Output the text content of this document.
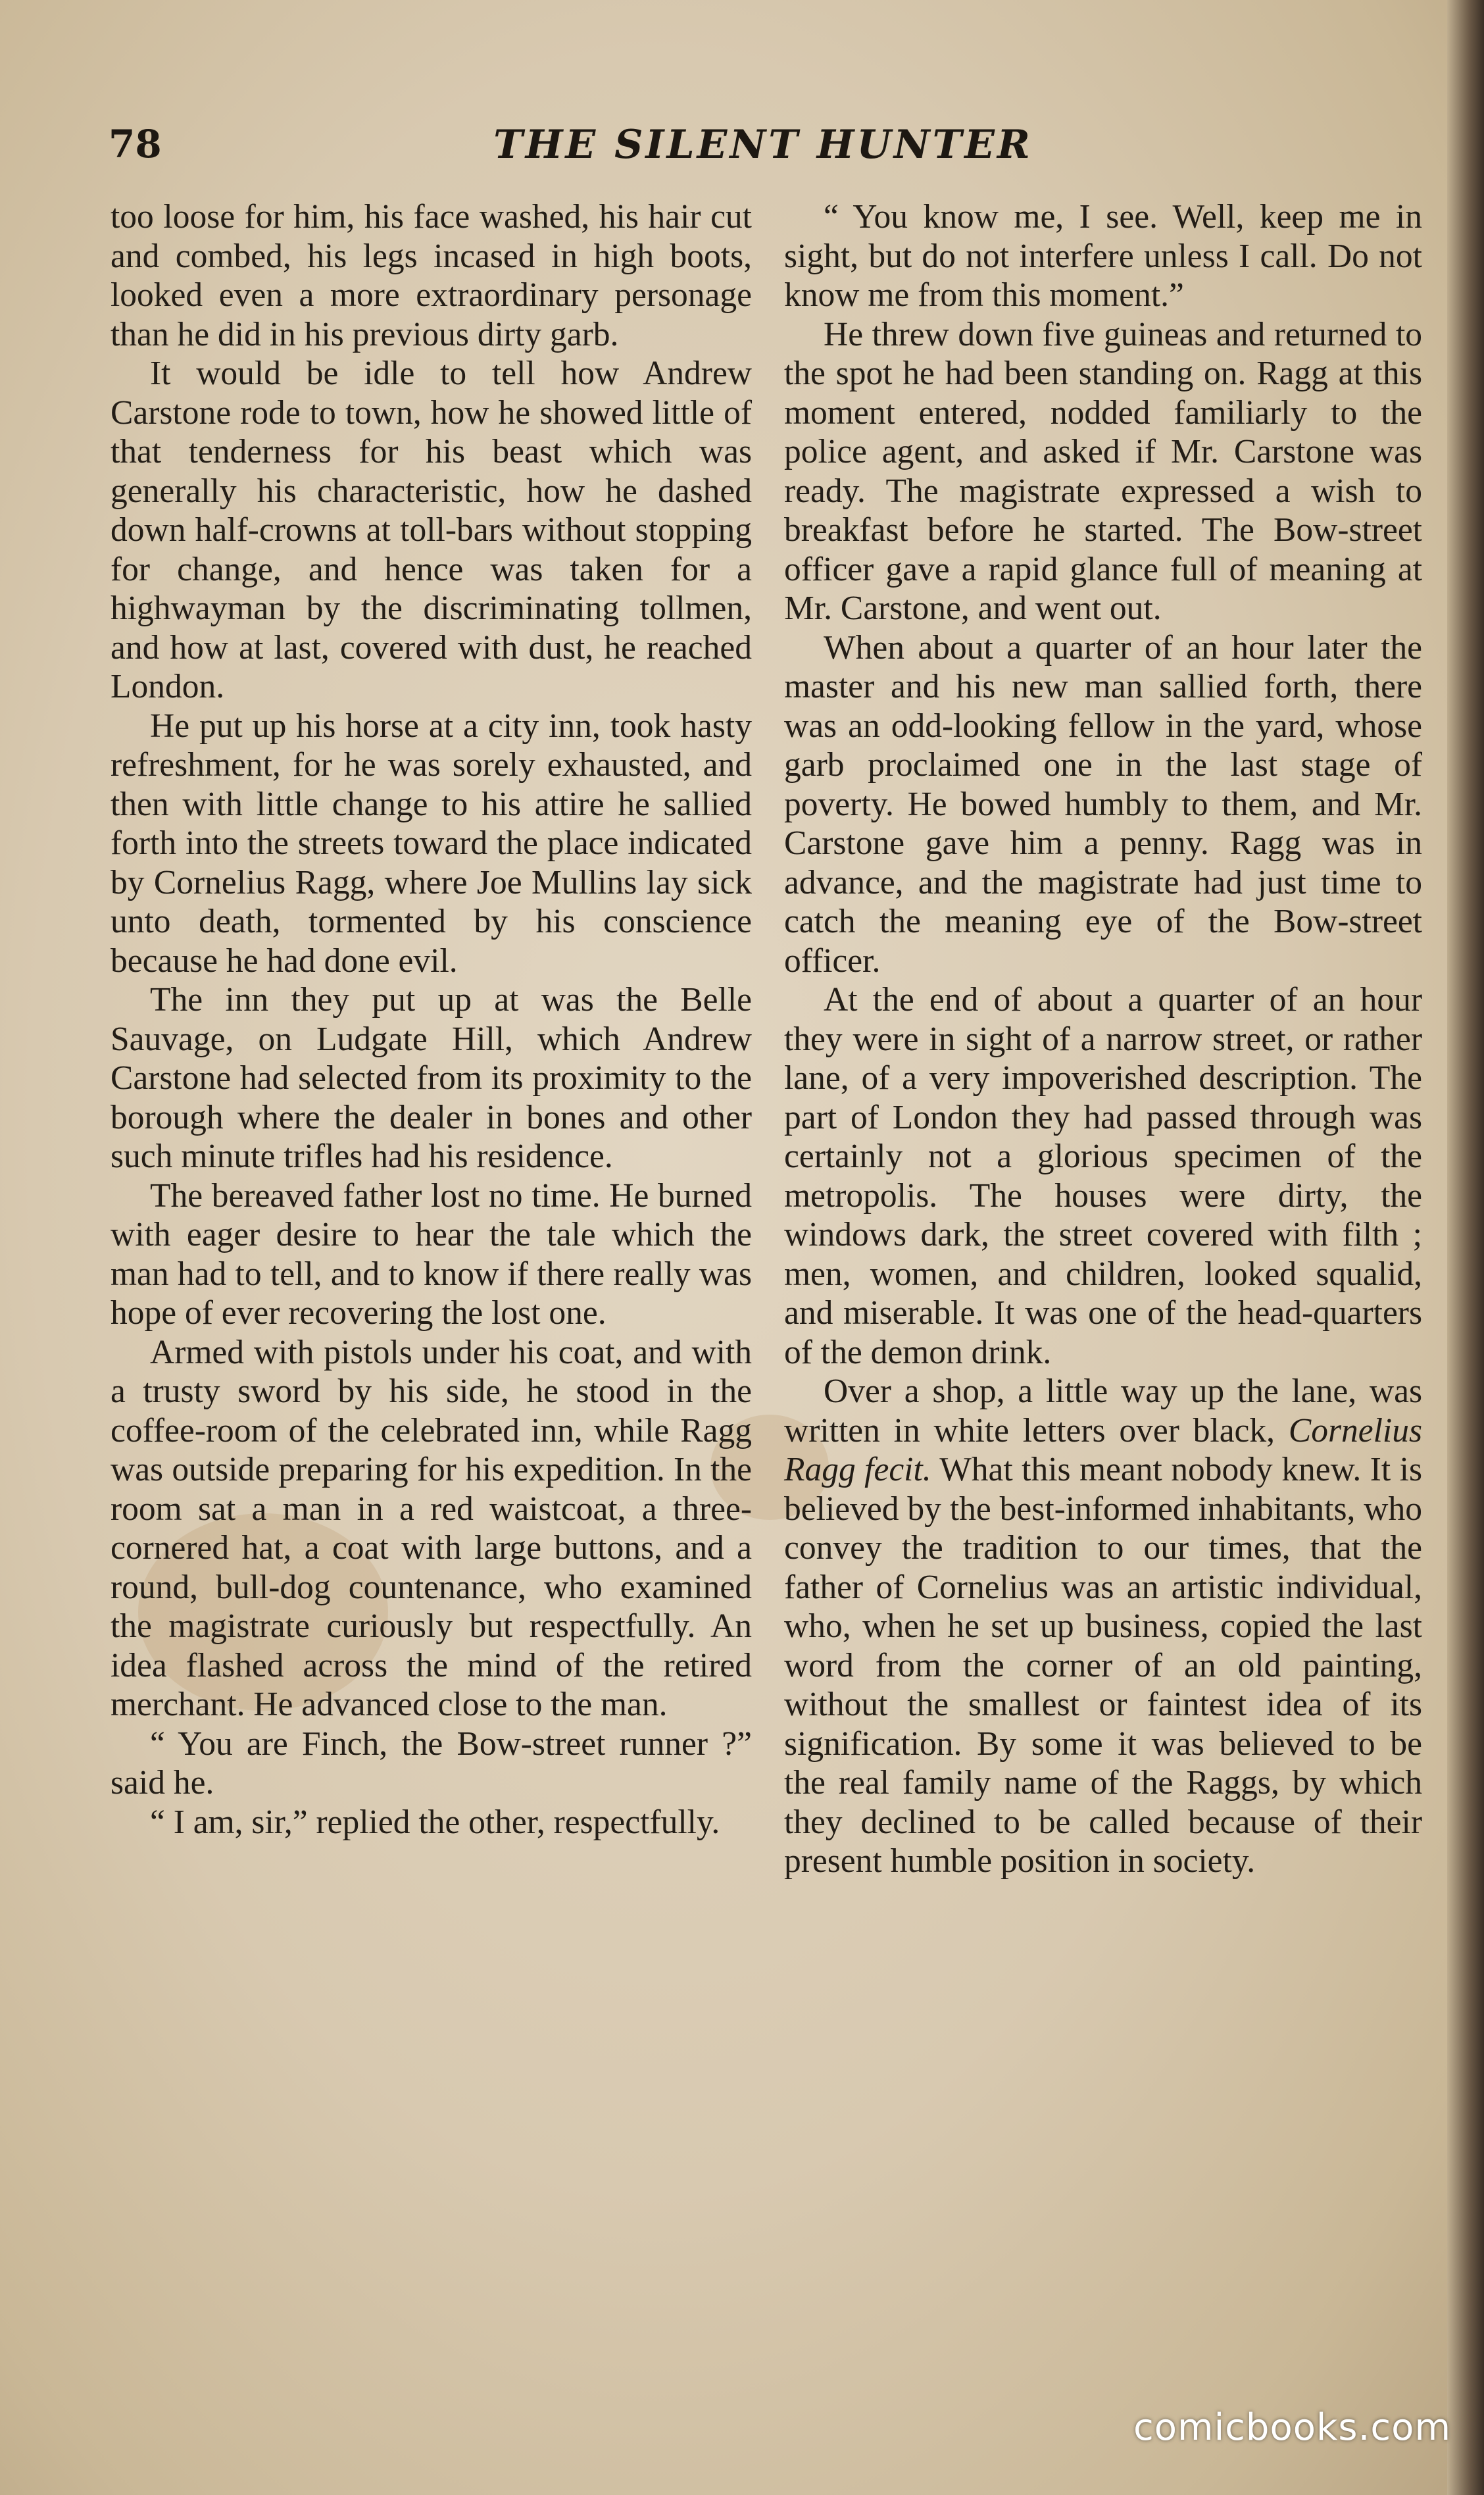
78	THE SILENT HUNTER

too loose for him, his face washed, his hair cut and combed, his legs incased in high boots, looked even a more extraordinary personage than he did in his previous dirty garb.

It would be idle to tell how Andrew Carstone rode to town, how he showed little of that tenderness for his beast which was generally his characteristic, how he dashed down half-crowns at toll-bars without stopping for change, and hence was taken for a highwayman by the discriminating tollmen, and how at last, covered with dust, he reached London.

He put up his horse at a city inn, took hasty refreshment, for he was sorely exhausted, and then with little change to his attire he sallied forth into the streets toward the place indicated by Cornelius Ragg, where Joe Mullins lay sick unto death, tormented by his conscience because he had done evil.

The inn they put up at was the Belle Sauvage, on Ludgate Hill, which Andrew Carstone had selected from its proximity to the borough where the dealer in bones and other such minute trifles had his residence.

The bereaved father lost no time. He burned with eager desire to hear the tale which the man had to tell, and to know if there really was hope of ever recovering the lost one.

Armed with pistols under his coat, and with a trusty sword by his side, he stood in the coffee-room of the celebrated inn, while Ragg was outside preparing for his expedition. In the room sat a man in a red waistcoat, a three-cornered hat, a coat with large buttons, and a round, bull-dog countenance, who examined the magistrate curiously but respectfully. An idea flashed across the mind of the retired merchant. He advanced close to the man.

“ You are Finch, the Bow-street runner ?” said he.

“ I am, sir,” replied the other, respectfully.

“ You know me, I see. Well, keep me in sight, but do not interfere unless I call. Do not know me from this moment.”

He threw down five guineas and returned to the spot he had been standing on. Ragg at this moment entered, nodded familiarly to the police agent, and asked if Mr. Carstone was ready. The magistrate expressed a wish to breakfast before he started. The Bow-street officer gave a rapid glance full of meaning at Mr. Carstone, and went out.

When about a quarter of an hour later the master and his new man sallied forth, there was an odd-looking fellow in the yard, whose garb proclaimed one in the last stage of poverty. He bowed humbly to them, and Mr. Carstone gave him a penny. Ragg was in advance, and the magistrate had just time to catch the meaning eye of the Bow-street officer.

At the end of about a quarter of an hour they were in sight of a narrow street, or rather lane, of a very impoverished description. The part of London they had passed through was certainly not a glorious specimen of the metropolis. The houses were dirty, the windows dark, the street covered with filth ; men, women, and children, looked squalid, and miserable. It was one of the head-quarters of the demon drink.

Over a shop, a little way up the lane, was written in white letters over black, Cornelius Ragg fecit. What this meant nobody knew. It is believed by the best-informed inhabitants, who convey the tradition to our times, that the father of Cornelius was an artistic individual, who, when he set up business, copied the last word from the corner of an old painting, without the smallest or faintest idea of its signification. By some it was believed to be the real family name of the Raggs, by which they declined to be called because of their present humble position in society.

comicbooks.com
